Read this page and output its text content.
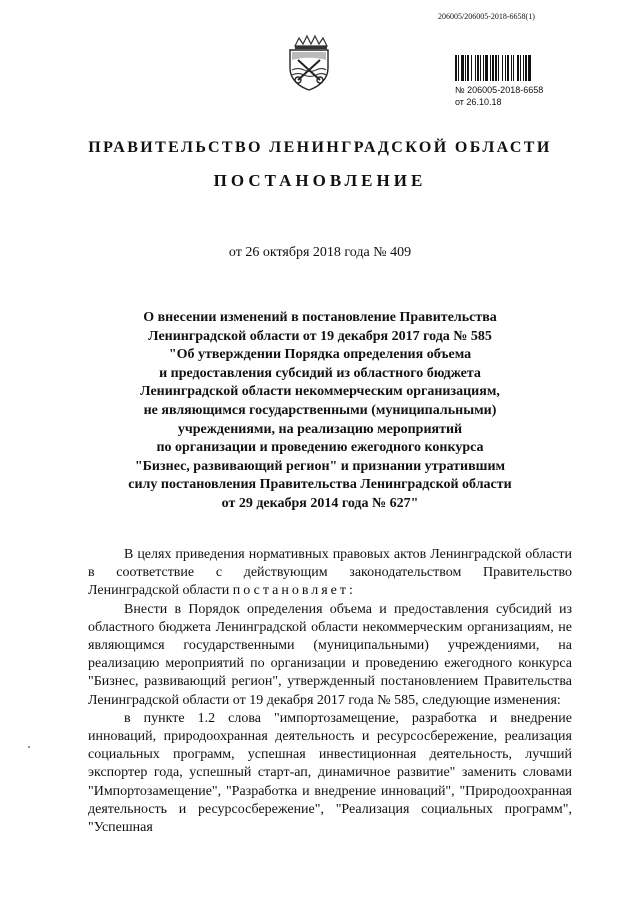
206005/206005-2018-6658(1)
№ 206005-2018-6658
от 26.10.18
ПРАВИТЕЛЬСТВО ЛЕНИНГРАДСКОЙ ОБЛАСТИ
ПОСТАНОВЛЕНИЕ
от 26 октября 2018 года № 409
О внесении изменений в постановление Правительства
Ленинградской области от 19 декабря 2017 года № 585
"Об утверждении Порядка определения объема
и предоставления субсидий из областного бюджета
Ленинградской области некоммерческим организациям,
не являющимся государственными (муниципальными)
учреждениями, на реализацию мероприятий
по организации и проведению ежегодного конкурса
"Бизнес, развивающий регион" и признании утратившим
силу постановления Правительства Ленинградской области
от 29 декабря 2014 года № 627"

В целях приведения нормативных правовых актов Ленинградской области в соответствие с действующим законодательством Правительство Ленинградской области постановляет:

Внести в Порядок определения объема и предоставления субсидий из областного бюджета Ленинградской области некоммерческим организациям, не являющимся государственными (муниципальными) учреждениями, на реализацию мероприятий по организации и проведению ежегодного конкурса "Бизнес, развивающий регион", утвержденный постановлением Правительства Ленинградской области от 19 декабря 2017 года № 585, следующие изменения:

в пункте 1.2 слова "импортозамещение, разработка и внедрение инноваций, природоохранная деятельность и ресурсосбережение, реализация социальных программ, успешная инвестиционная деятельность, лучший экспортер года, успешный старт-ап, динамичное развитие" заменить словами "Импортозамещение", "Разработка и внедрение инноваций", "Природоохранная деятельность и ресурсосбережение", "Реализация социальных программ", "Успешная
